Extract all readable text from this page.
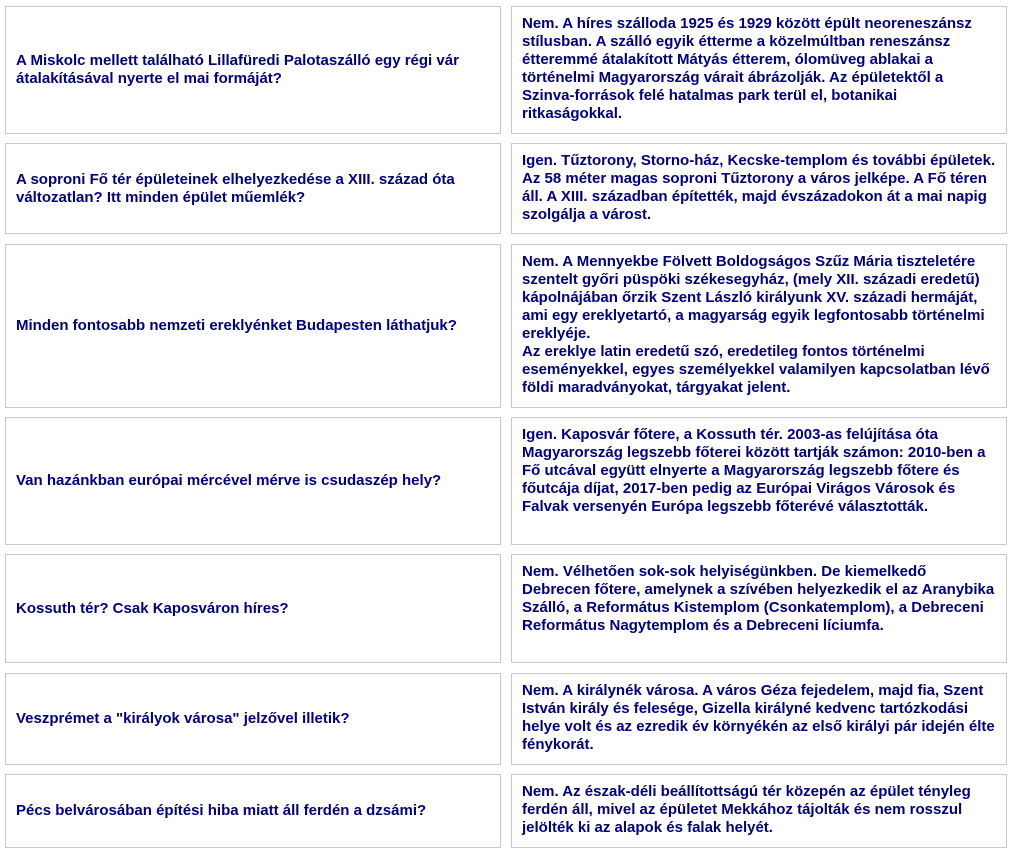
A Miskolc mellett található Lillafüredi Palotaszálló egy régi vár átalakításával nyerte el mai formáját?

Nem. A híres szálloda 1925 és 1929 között épült neoreneszánsz stílusban. A szálló egyik étterme a közelmúltban reneszánsz étteremmé átalakított Mátyás étterem, ólomüveg ablakai a történelmi Magyarország várait ábrázolják. Az épületektől a Szinva-források felé hatalmas park terül el, botanikai ritkaságokkal.

A soproni Fő tér épületeinek elhelyezkedése a XIII. század óta változatlan? Itt minden épület műemlék?

Igen. Tűztorony, Storno-ház, Kecske-templom és további épületek. Az 58 méter magas soproni Tűztorony a város jelképe. A Fő téren áll. A XIII. században építették, majd évszázadokon át a mai napig szolgálja a várost.

Minden fontosabb nemzeti ereklyénket Budapesten láthatjuk?

Nem. A Mennyekbe Fölvett Boldogságos Szűz Mária tiszteletére szentelt győri püspöki székesegyház, (mely XII. századi eredetű) kápolnájában őrzik Szent László királyunk XV. századi hermáját, ami egy ereklyetartó, a magyarság egyik legfontosabb történelmi ereklyéje.

Az ereklye latin eredetű szó, eredetileg fontos történelmi eseményekkel, egyes személyekkel valamilyen kapcsolatban lévő földi maradványokat, tárgyakat jelent.

Van hazánkban európai mércével mérve is csudaszép hely?

Igen. Kaposvár főtere, a Kossuth tér. 2003-as felújítása óta Magyarország legszebb főterei között tartják számon: 2010-ben a Fő utcával együtt elnyerte a Magyarország legszebb főtere és főutcája díjat, 2017-ben pedig az Európai Virágos Városok és Falvak versenyén Európa legszebb főterévé választották.

Kossuth tér? Csak Kaposváron híres?

Nem. Vélhetően sok-sok helyiségünkben. De kiemelkedő Debrecen főtere, amelynek a szívében helyezkedik el az Aranybika Szálló, a Református Kistemplom (Csonkatemplom), a Debreceni Református Nagytemplom és a Debreceni líciumfa.

Veszprémet a "királyok városa" jelzővel illetik?

Nem. A királynék városa. A város Géza fejedelem, majd fia, Szent István király és felesége, Gizella királyné kedvenc tartózkodási helye volt és az ezredik év környékén az első királyi pár idején élte fénykorát.

Pécs belvárosában építési hiba miatt áll ferdén a dzsámi?

Nem. Az észak-déli beállítottságú tér közepén az épület tényleg ferdén áll, mivel az épületet Mekkához tájolták és nem rosszul jelölték ki az alapok és falak helyét.
